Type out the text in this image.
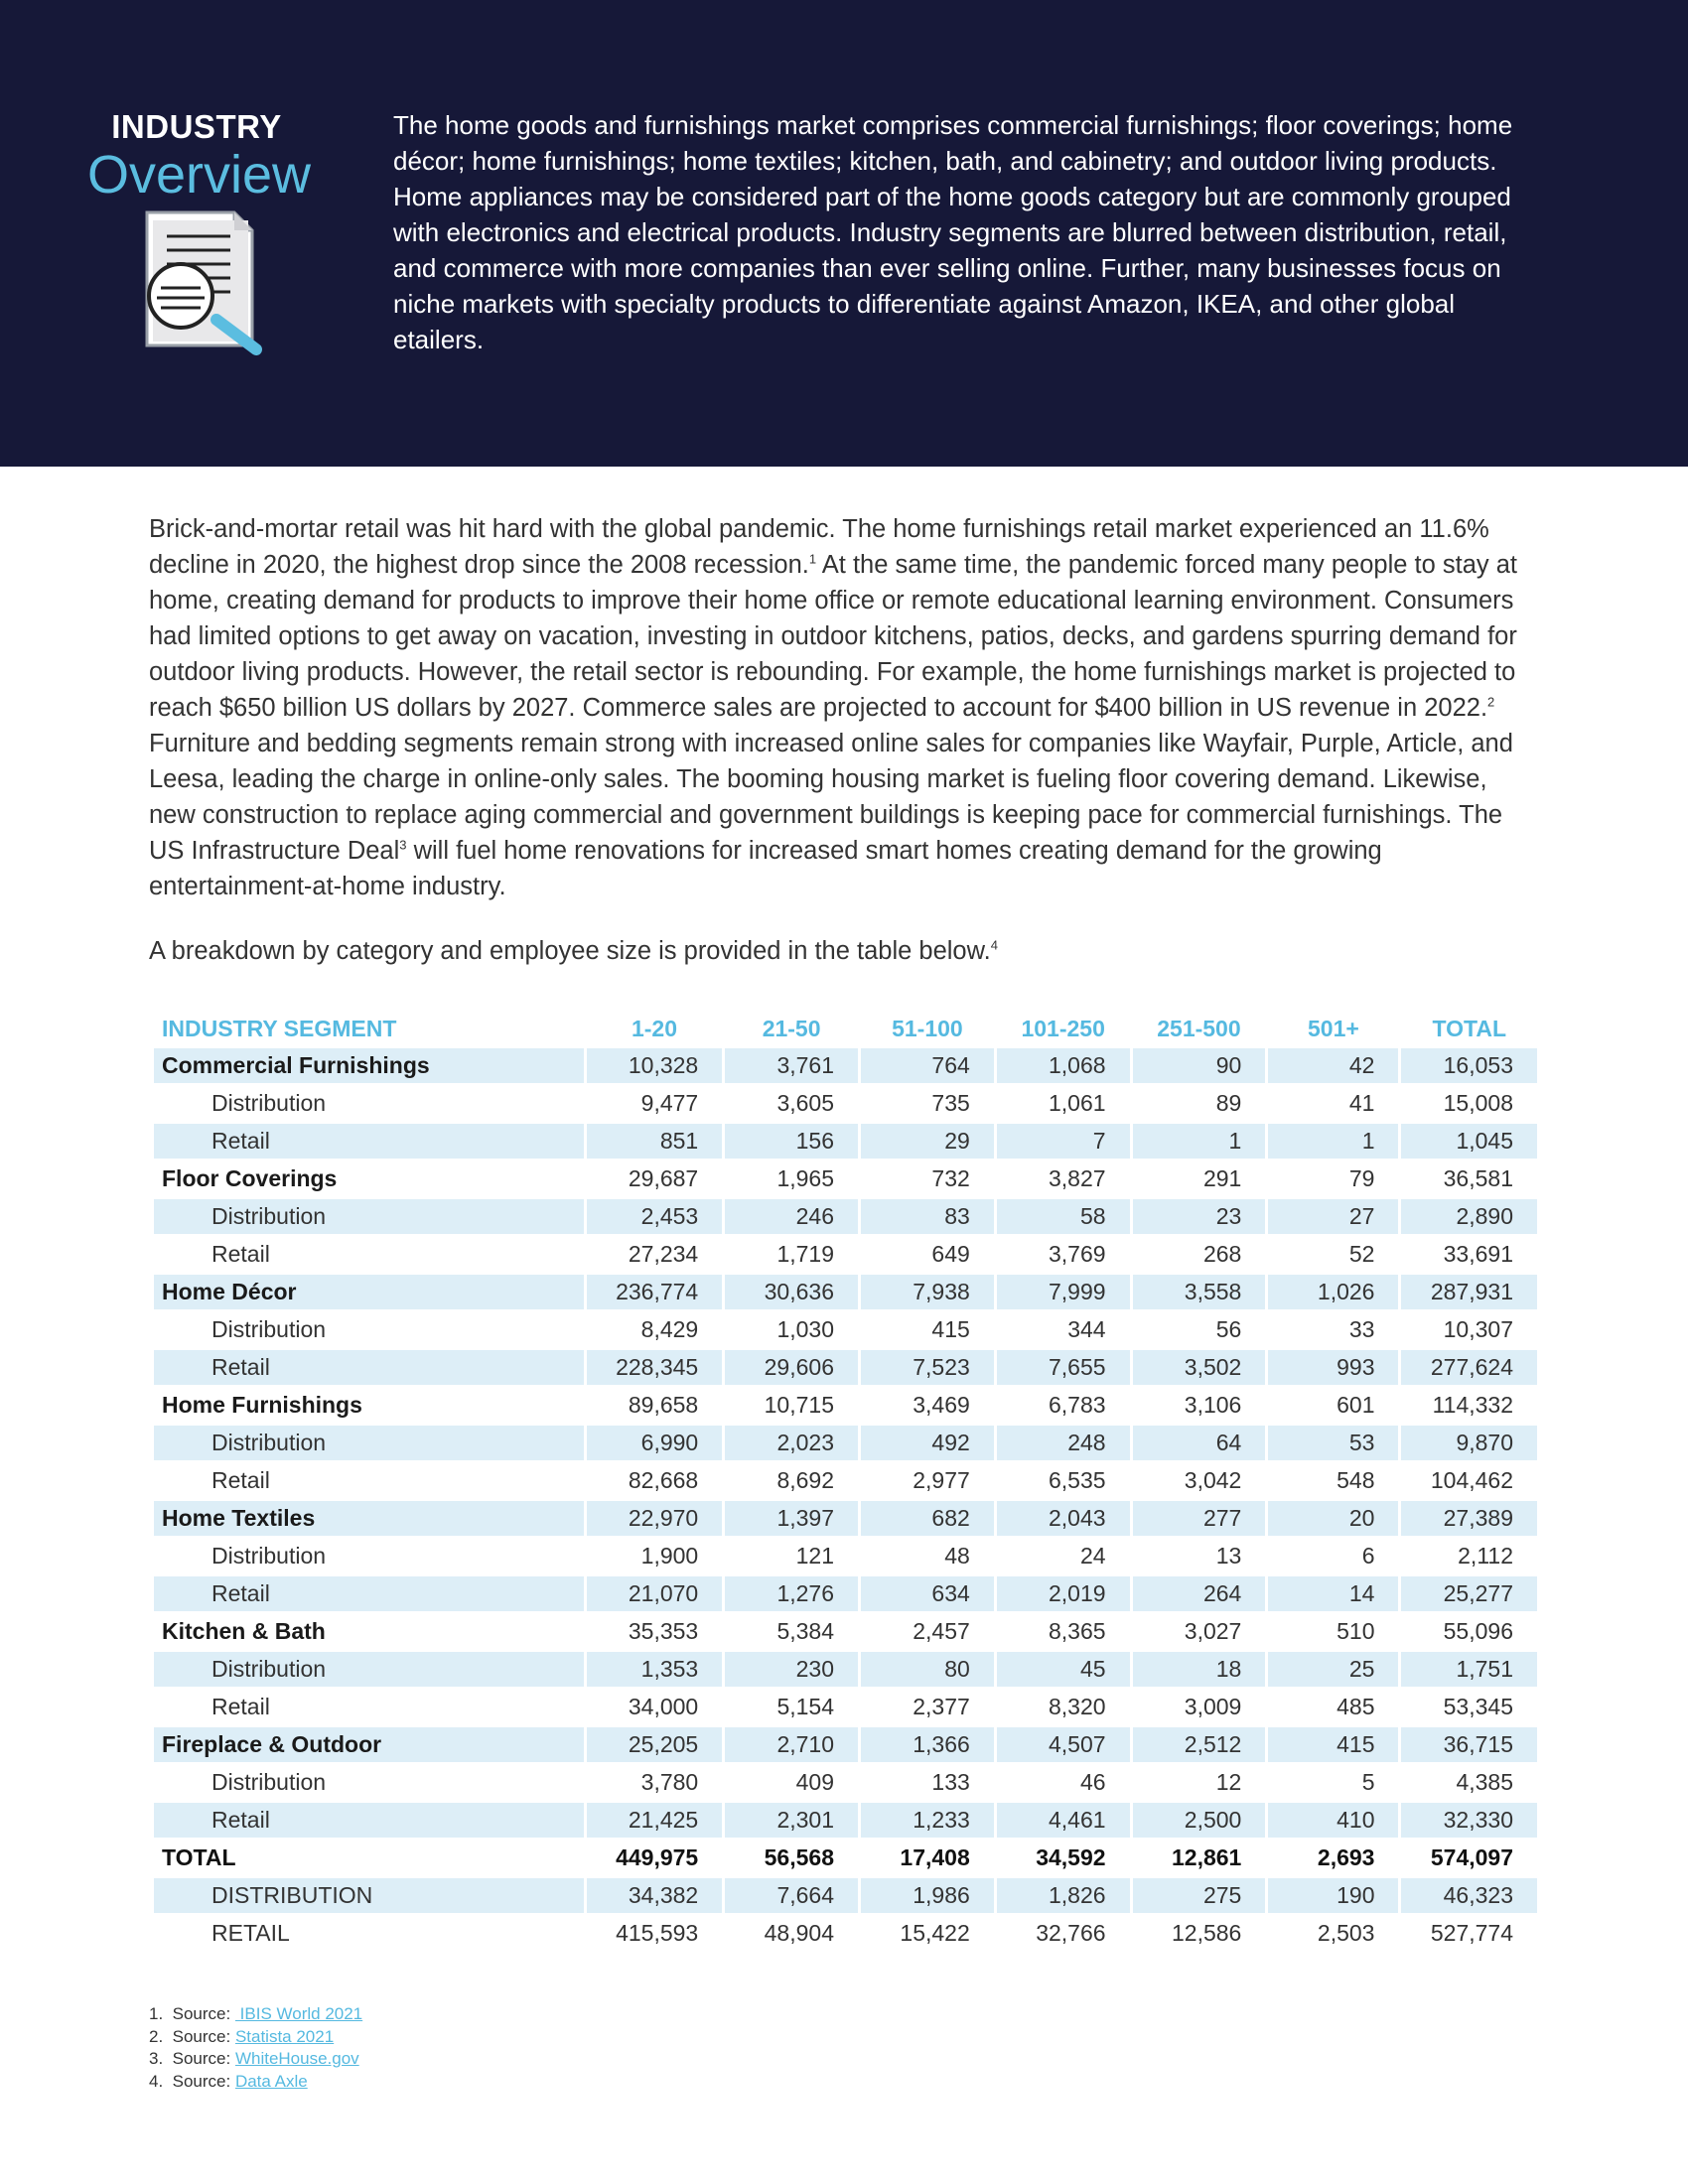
INDUSTRY
Overview

The home goods and furnishings market comprises commercial furnishings; floor coverings; home décor; home furnishings; home textiles; kitchen, bath, and cabinetry; and outdoor living products. Home appliances may be considered part of the home goods category but are commonly grouped with electronics and electrical products. Industry segments are blurred between distribution, retail, and commerce with more companies than ever selling online. Further, many businesses focus on niche markets with specialty products to differentiate against Amazon, IKEA, and other global etailers.

Brick-and-mortar retail was hit hard with the global pandemic. The home furnishings retail market experienced an 11.6% decline in 2020, the highest drop since the 2008 recession.$^1$ At the same time, the pandemic forced many people to stay at home, creating demand for products to improve their home office or remote educational learning environment. Consumers had limited options to get away on vacation, investing in outdoor kitchens, patios, decks, and gardens spurring demand for outdoor living products. However, the retail sector is rebounding. For example, the home furnishings market is projected to reach $650 billion US dollars by 2027. Commerce sales are projected to account for $400 billion in US revenue in 2022.$^2$ Furniture and bedding segments remain strong with increased online sales for companies like Wayfair, Purple, Article, and Leesa, leading the charge in online-only sales. The booming housing market is fueling floor covering demand. Likewise, new construction to replace aging commercial and government buildings is keeping pace for commercial furnishings. The US Infrastructure Deal$^3$ will fuel home renovations for increased smart homes creating demand for the growing entertainment-at-home industry.

A breakdown by category and employee size is provided in the table below.$^4$

INDUSTRY SEGMENT	1-20	21-50	51-100	101-250	251-500	501+	TOTAL
Commercial Furnishings	10,328	3,761	764	1,068	90	42	16,053
Distribution	9,477	3,605	735	1,061	89	41	15,008
Retail	851	156	29	7	1	1	1,045
Floor Coverings	29,687	1,965	732	3,827	291	79	36,581
Distribution	2,453	246	83	58	23	27	2,890
Retail	27,234	1,719	649	3,769	268	52	33,691
Home Décor	236,774	30,636	7,938	7,999	3,558	1,026	287,931
Distribution	8,429	1,030	415	344	56	33	10,307
Retail	228,345	29,606	7,523	7,655	3,502	993	277,624
Home Furnishings	89,658	10,715	3,469	6,783	3,106	601	114,332
Distribution	6,990	2,023	492	248	64	53	9,870
Retail	82,668	8,692	2,977	6,535	3,042	548	104,462
Home Textiles	22,970	1,397	682	2,043	277	20	27,389
Distribution	1,900	121	48	24	13	6	2,112
Retail	21,070	1,276	634	2,019	264	14	25,277
Kitchen & Bath	35,353	5,384	2,457	8,365	3,027	510	55,096
Distribution	1,353	230	80	45	18	25	1,751
Retail	34,000	5,154	2,377	8,320	3,009	485	53,345
Fireplace & Outdoor	25,205	2,710	1,366	4,507	2,512	415	36,715
Distribution	3,780	409	133	46	12	5	4,385
Retail	21,425	2,301	1,233	4,461	2,500	410	32,330
TOTAL	449,975	56,568	17,408	34,592	12,861	2,693	574,097
DISTRIBUTION	34,382	7,664	1,986	1,826	275	190	46,323
RETAIL	415,593	48,904	15,422	32,766	12,586	2,503	527,774
1.  Source:  IBIS World 2021
2.  Source: Statista 2021
3.  Source: WhiteHouse.gov
4.  Source: Data Axle
